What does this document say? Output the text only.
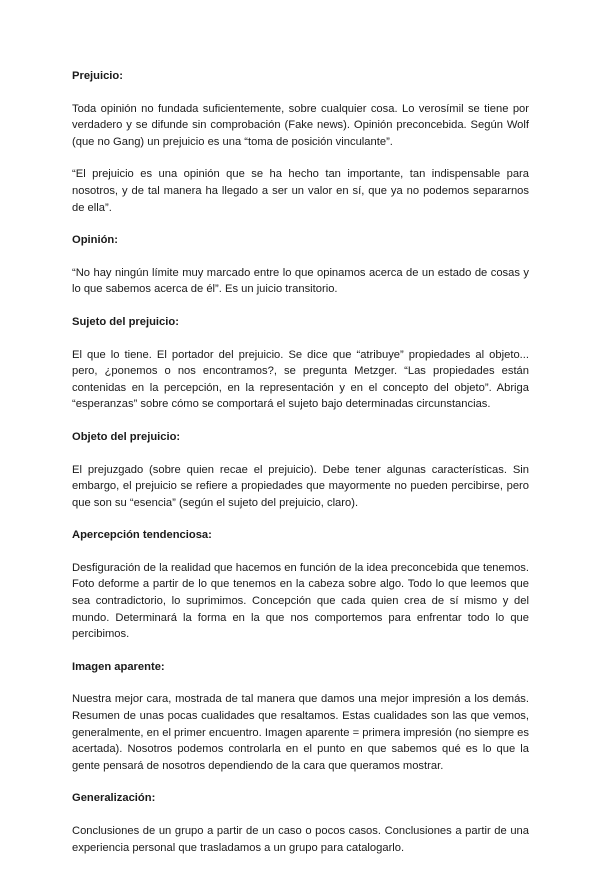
Prejuicio:

Toda opinión no fundada suficientemente, sobre cualquier cosa. Lo verosímil se tiene por verdadero y se difunde sin comprobación (Fake news). Opinión preconcebida. Según Wolf (que no Gang) un prejuicio es una “toma de posición vinculante”.

“El prejuicio es una opinión que se ha hecho tan importante, tan indispensable para nosotros, y de tal manera ha llegado a ser un valor en sí, que ya no podemos separarnos de ella”.

Opinión:

“No hay ningún límite muy marcado entre lo que opinamos acerca de un estado de cosas y lo que sabemos acerca de él”. Es un juicio transitorio.

Sujeto del prejuicio:

El que lo tiene. El portador del prejuicio. Se dice que “atribuye” propiedades al objeto... pero, ¿ponemos o nos encontramos?, se pregunta Metzger. “Las propiedades están contenidas en la percepción, en la representación y en el concepto del objeto”. Abriga “esperanzas” sobre cómo se comportará el sujeto bajo determinadas circunstancias.

Objeto del prejuicio:

El prejuzgado (sobre quien recae el prejuicio). Debe tener algunas características. Sin embargo, el prejuicio se refiere a propiedades que mayormente no pueden percibirse, pero que son su “esencia” (según el sujeto del prejuicio, claro).

Apercepción tendenciosa:

Desfiguración de la realidad que hacemos en función de la idea preconcebida que tenemos. Foto deforme a partir de lo que tenemos en la cabeza sobre algo. Todo lo que leemos que sea contradictorio, lo suprimimos. Concepción que cada quien crea de sí mismo y del mundo. Determinará la forma en la que nos comportemos para enfrentar todo lo que percibimos.

Imagen aparente:

Nuestra mejor cara, mostrada de tal manera que damos una mejor impresión a los demás. Resumen de unas pocas cualidades que resaltamos. Estas cualidades son las que vemos, generalmente, en el primer encuentro. Imagen aparente = primera impresión (no siempre es acertada). Nosotros podemos controlarla en el punto en que sabemos qué es lo que la gente pensará de nosotros dependiendo de la cara que queramos mostrar.

Generalización:

Conclusiones de un grupo a partir de un caso o pocos casos. Conclusiones a partir de una experiencia personal que trasladamos a un grupo para catalogarlo.
